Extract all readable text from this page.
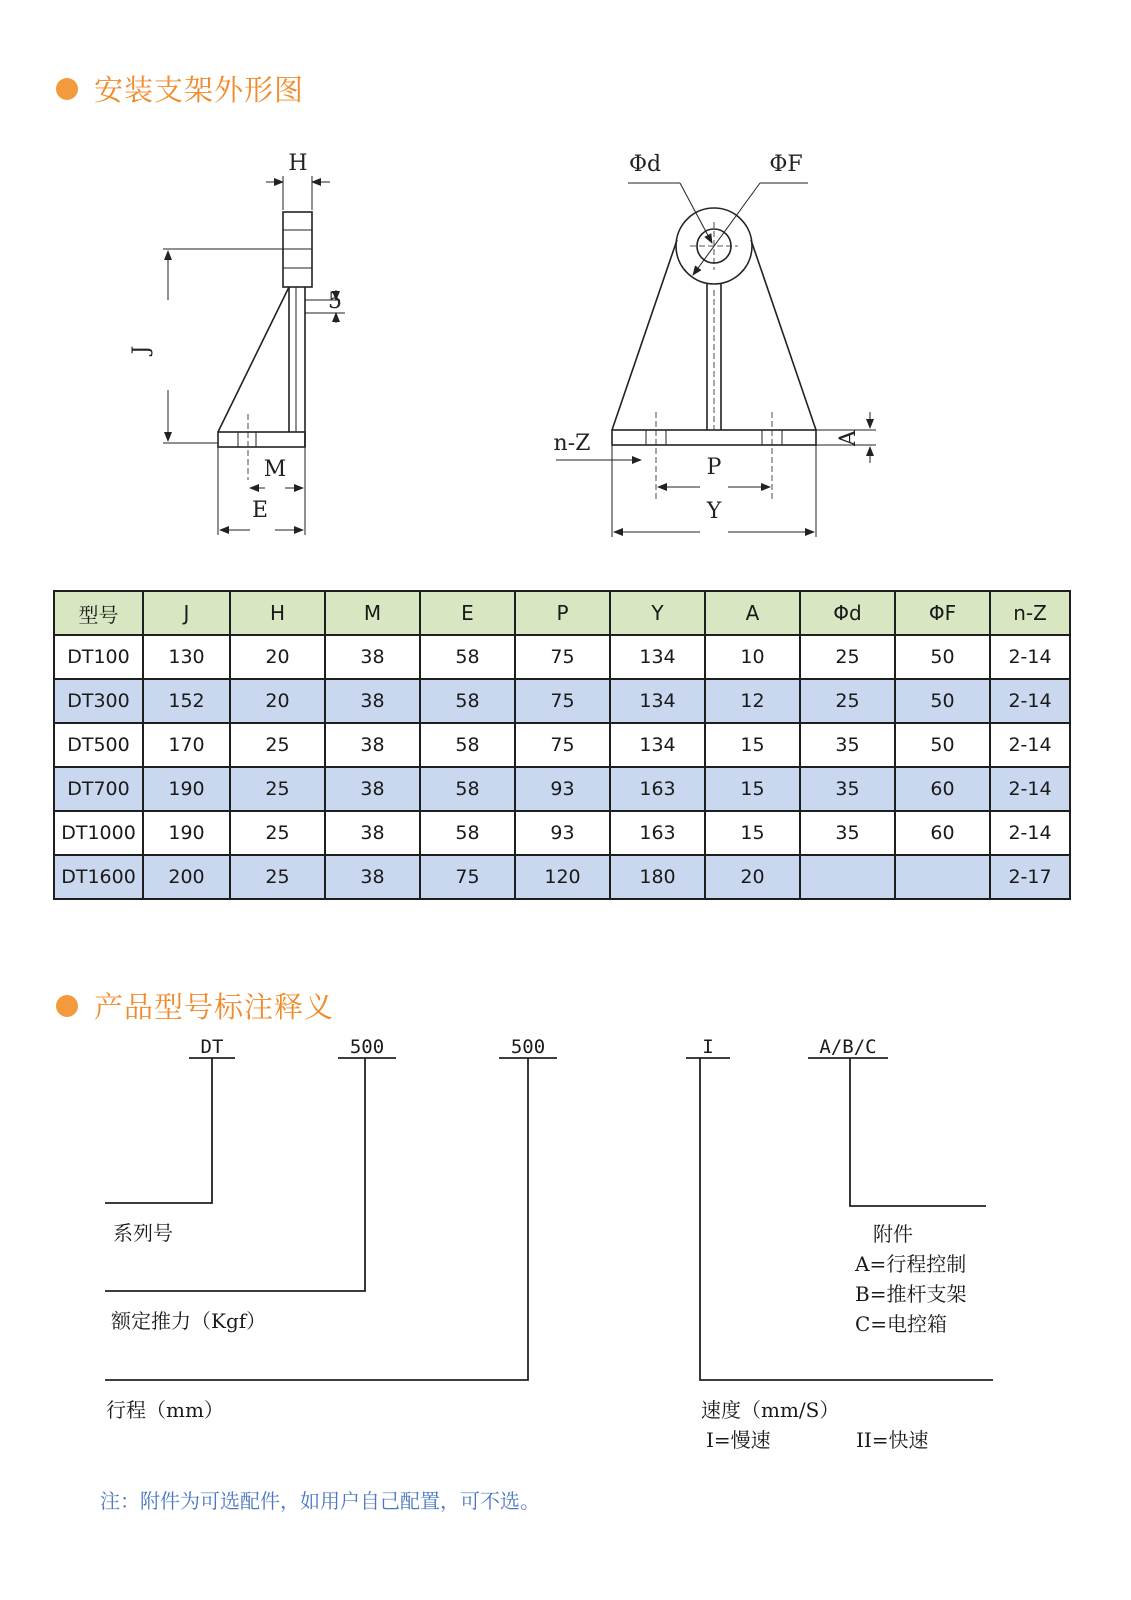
安装支架外形图
H
5
J
M
E
Φd	ΦF
n-Z
P
Y
A
型号	J	H	M	E	P	Y	A	Φd	ΦF	n-Z
DT100	130	20	38	58	75	134	10	25	50	2-14
DT300	152	20	38	58	75	134	12	25	50	2-14
DT500	170	25	38	58	75	134	15	35	50	2-14
DT700	190	25	38	58	93	163	15	35	60	2-14
DT1000	190	25	38	58	93	163	15	35	60	2-14
DT1600	200	25	38	75	120	180	20			2-17
产品型号标注释义
DT	500	500	I	A/B/C
系列号
额定推力（Kgf）
行程（mm）	速度（mm/S）
I=慢速	II=快速
附件
A=行程控制
B=推杆支架
C=电控箱
注：附件为可选配件，如用户自己配置，可不选。
